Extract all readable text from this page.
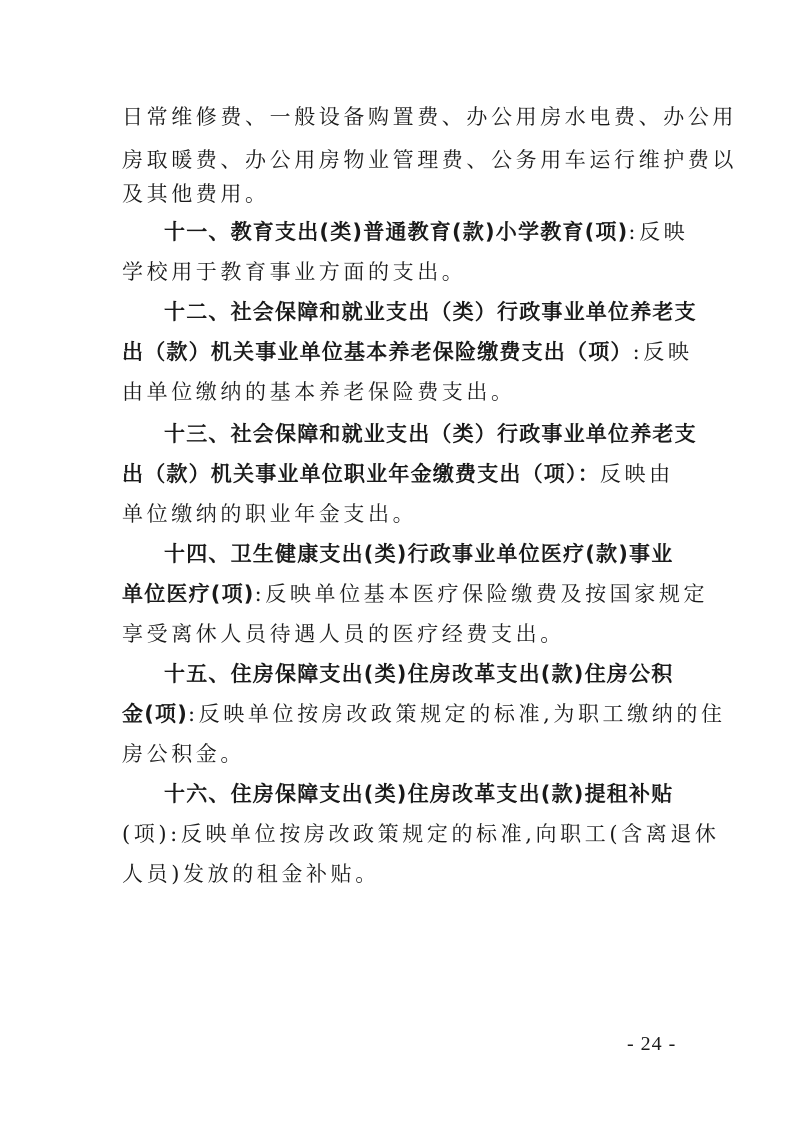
日常维修费、一般设备购置费、办公用房水电费、办公用
房取暖费、办公用房物业管理费、公务用车运行维护费以
及其他费用。
十一、教育支出(类)普通教育(款)小学教育(项):反映
学校用于教育事业方面的支出。
十二、社会保障和就业支出（类）行政事业单位养老支
出（款）机关事业单位基本养老保险缴费支出（项）:反映
由单位缴纳的基本养老保险费支出。
十三、社会保障和就业支出（类）行政事业单位养老支
出（款）机关事业单位职业年金缴费支出（项）：反映由
单位缴纳的职业年金支出。
十四、卫生健康支出(类)行政事业单位医疗(款)事业
单位医疗(项):反映单位基本医疗保险缴费及按国家规定
享受离休人员待遇人员的医疗经费支出。
十五、住房保障支出(类)住房改革支出(款)住房公积
金(项):反映单位按房改政策规定的标准,为职工缴纳的住
房公积金。
十六、住房保障支出(类)住房改革支出(款)提租补贴
(项):反映单位按房改政策规定的标准,向职工(含离退休
人员)发放的租金补贴。
- 24 -
